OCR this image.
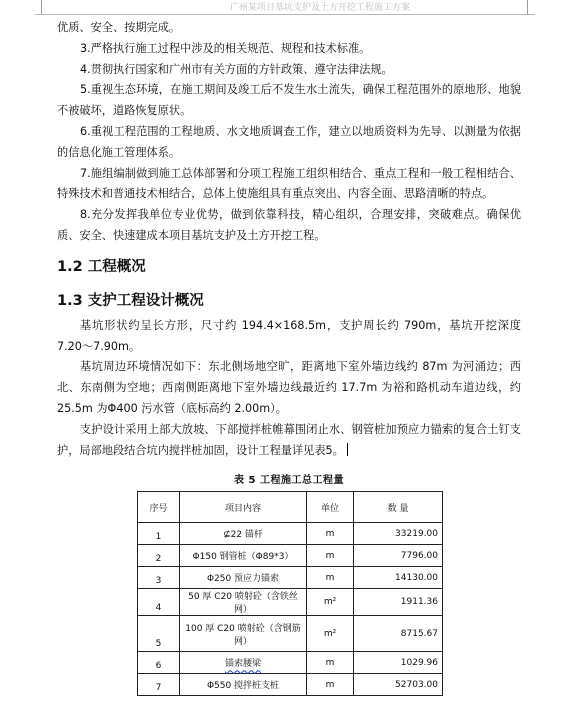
广州某项目基坑支护及土方开挖工程施工方案

优质、安全、按期完成。

3.严格执行施工过程中涉及的相关规范、规程和技术标准。

4.贯彻执行国家和广州市有关方面的方针政策、遵守法律法规。

5.重视生态环境，在施工期间及竣工后不发生水土流失，确保工程范围外的原地形、地貌不被破坏，道路恢复原状。

6.重视工程范围的工程地质、水文地质调查工作，建立以地质资料为先导、以测量为依据的信息化施工管理体系。

7.施组编制做到施工总体部署和分项工程施工组织相结合、重点工程和一般工程相结合、特殊技术和普通技术相结合，总体上使施组具有重点突出、内容全面、思路清晰的特点。

8.充分发挥我单位专业优势，做到依靠科技，精心组织，合理安排，突破难点。确保优质、安全、快速建成本项目基坑支护及土方开挖工程。

1.2 工程概况

1.3 支护工程设计概况

基坑形状约呈长方形，尺寸约 194.4×168.5m，支护周长约 790m，基坑开挖深度 7.20～7.90m。

基坑周边环境情况如下：东北侧场地空旷，距离地下室外墙边线约 87m 为河涌边；西北、东南侧为空地；西南侧距离地下室外墙边线最近约 17.7m 为裕和路机动车道边线，约 25.5m 为Φ400 污水管（底标高约 2.00m）。

支护设计采用上部大放坡、下部搅拌桩帷幕围闭止水、钢管桩加预应力锚索的复合土钉支护，局部地段结合坑内搅拌桩加固，设计工程量详见表5。

表 5 工程施工总工程量
序号	项目内容	单位	数 量
1	⊈22 锚杆	m	33219.00
2	Φ150 钢管桩（Φ89*3）	m	7796.00
3	Φ250 预应力锚索	m	14130.00
4	50 厚 C20 喷射砼（含铁丝网）	m²	1911.36
5	100 厚 C20 喷射砼（含钢筋网）	m²	8715.67
6	锚索腰梁	m	1029.96
7	Φ550 搅拌桩支桩	m	52703.00
